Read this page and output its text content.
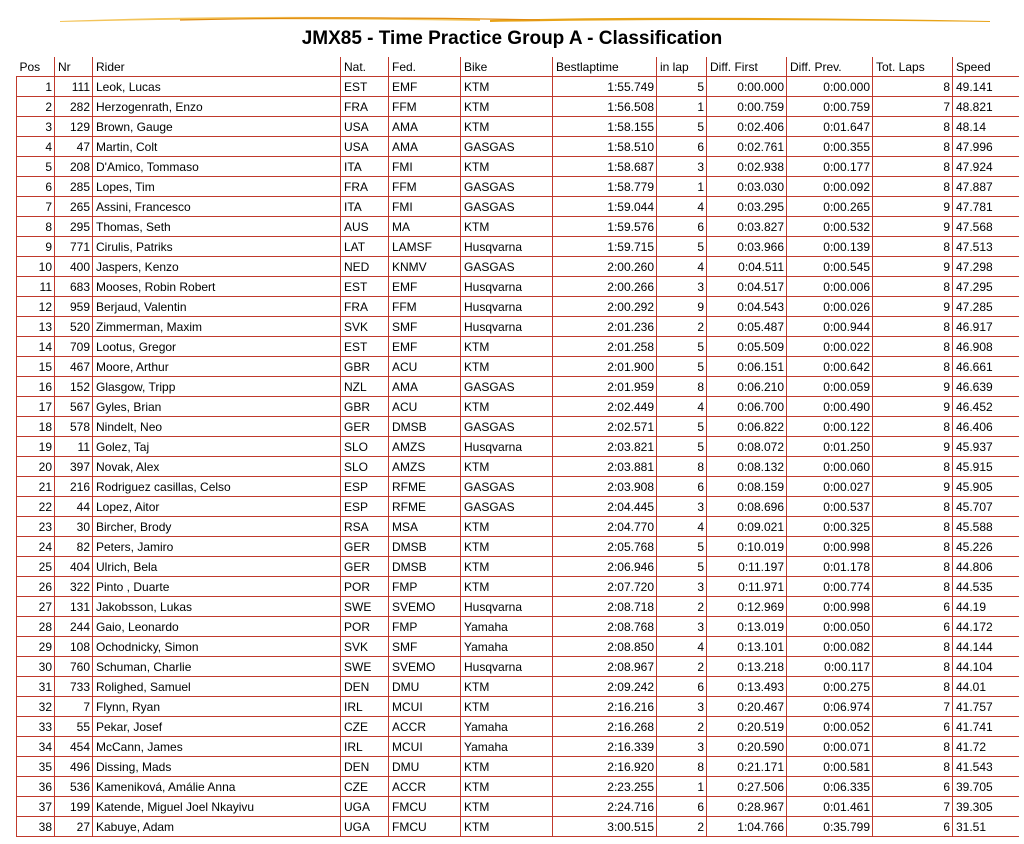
JMX85 - Time Practice Group A - Classification
Pos	Nr	Rider	Nat.	Fed.	Bike	Bestlaptime	in lap	Diff. First	Diff. Prev.	Tot. Laps	Speed
1	111	Leok, Lucas	EST	EMF	KTM	1:55.749	5	0:00.000	0:00.000	8	49.141
2	282	Herzogenrath, Enzo	FRA	FFM	KTM	1:56.508	1	0:00.759	0:00.759	7	48.821
3	129	Brown, Gauge	USA	AMA	KTM	1:58.155	5	0:02.406	0:01.647	8	48.14
4	47	Martin, Colt	USA	AMA	GASGAS	1:58.510	6	0:02.761	0:00.355	8	47.996
5	208	D'Amico, Tommaso	ITA	FMI	KTM	1:58.687	3	0:02.938	0:00.177	8	47.924
6	285	Lopes, Tim	FRA	FFM	GASGAS	1:58.779	1	0:03.030	0:00.092	8	47.887
7	265	Assini, Francesco	ITA	FMI	GASGAS	1:59.044	4	0:03.295	0:00.265	9	47.781
8	295	Thomas, Seth	AUS	MA	KTM	1:59.576	6	0:03.827	0:00.532	9	47.568
9	771	Cirulis, Patriks	LAT	LAMSF	Husqvarna	1:59.715	5	0:03.966	0:00.139	8	47.513
10	400	Jaspers, Kenzo	NED	KNMV	GASGAS	2:00.260	4	0:04.511	0:00.545	9	47.298
11	683	Mooses, Robin Robert	EST	EMF	Husqvarna	2:00.266	3	0:04.517	0:00.006	8	47.295
12	959	Berjaud, Valentin	FRA	FFM	Husqvarna	2:00.292	9	0:04.543	0:00.026	9	47.285
13	520	Zimmerman, Maxim	SVK	SMF	Husqvarna	2:01.236	2	0:05.487	0:00.944	8	46.917
14	709	Lootus, Gregor	EST	EMF	KTM	2:01.258	5	0:05.509	0:00.022	8	46.908
15	467	Moore, Arthur	GBR	ACU	KTM	2:01.900	5	0:06.151	0:00.642	8	46.661
16	152	Glasgow, Tripp	NZL	AMA	GASGAS	2:01.959	8	0:06.210	0:00.059	9	46.639
17	567	Gyles, Brian	GBR	ACU	KTM	2:02.449	4	0:06.700	0:00.490	9	46.452
18	578	Nindelt, Neo	GER	DMSB	GASGAS	2:02.571	5	0:06.822	0:00.122	8	46.406
19	11	Golez, Taj	SLO	AMZS	Husqvarna	2:03.821	5	0:08.072	0:01.250	9	45.937
20	397	Novak, Alex	SLO	AMZS	KTM	2:03.881	8	0:08.132	0:00.060	8	45.915
21	216	Rodriguez casillas, Celso	ESP	RFME	GASGAS	2:03.908	6	0:08.159	0:00.027	9	45.905
22	44	Lopez, Aitor	ESP	RFME	GASGAS	2:04.445	3	0:08.696	0:00.537	8	45.707
23	30	Bircher, Brody	RSA	MSA	KTM	2:04.770	4	0:09.021	0:00.325	8	45.588
24	82	Peters, Jamiro	GER	DMSB	KTM	2:05.768	5	0:10.019	0:00.998	8	45.226
25	404	Ulrich, Bela	GER	DMSB	KTM	2:06.946	5	0:11.197	0:01.178	8	44.806
26	322	Pinto , Duarte	POR	FMP	KTM	2:07.720	3	0:11.971	0:00.774	8	44.535
27	131	Jakobsson, Lukas	SWE	SVEMO	Husqvarna	2:08.718	2	0:12.969	0:00.998	6	44.19
28	244	Gaio, Leonardo	POR	FMP	Yamaha	2:08.768	3	0:13.019	0:00.050	6	44.172
29	108	Ochodnicky, Simon	SVK	SMF	Yamaha	2:08.850	4	0:13.101	0:00.082	8	44.144
30	760	Schuman, Charlie	SWE	SVEMO	Husqvarna	2:08.967	2	0:13.218	0:00.117	8	44.104
31	733	Rolighed, Samuel	DEN	DMU	KTM	2:09.242	6	0:13.493	0:00.275	8	44.01
32	7	Flynn, Ryan	IRL	MCUI	KTM	2:16.216	3	0:20.467	0:06.974	7	41.757
33	55	Pekar, Josef	CZE	ACCR	Yamaha	2:16.268	2	0:20.519	0:00.052	6	41.741
34	454	McCann, James	IRL	MCUI	Yamaha	2:16.339	3	0:20.590	0:00.071	8	41.72
35	496	Dissing, Mads	DEN	DMU	KTM	2:16.920	8	0:21.171	0:00.581	8	41.543
36	536	Kameniková, Amálie Anna	CZE	ACCR	KTM	2:23.255	1	0:27.506	0:06.335	6	39.705
37	199	Katende, Miguel Joel Nkayivu	UGA	FMCU	KTM	2:24.716	6	0:28.967	0:01.461	7	39.305
38	27	Kabuye, Adam	UGA	FMCU	KTM	3:00.515	2	1:04.766	0:35.799	6	31.51
